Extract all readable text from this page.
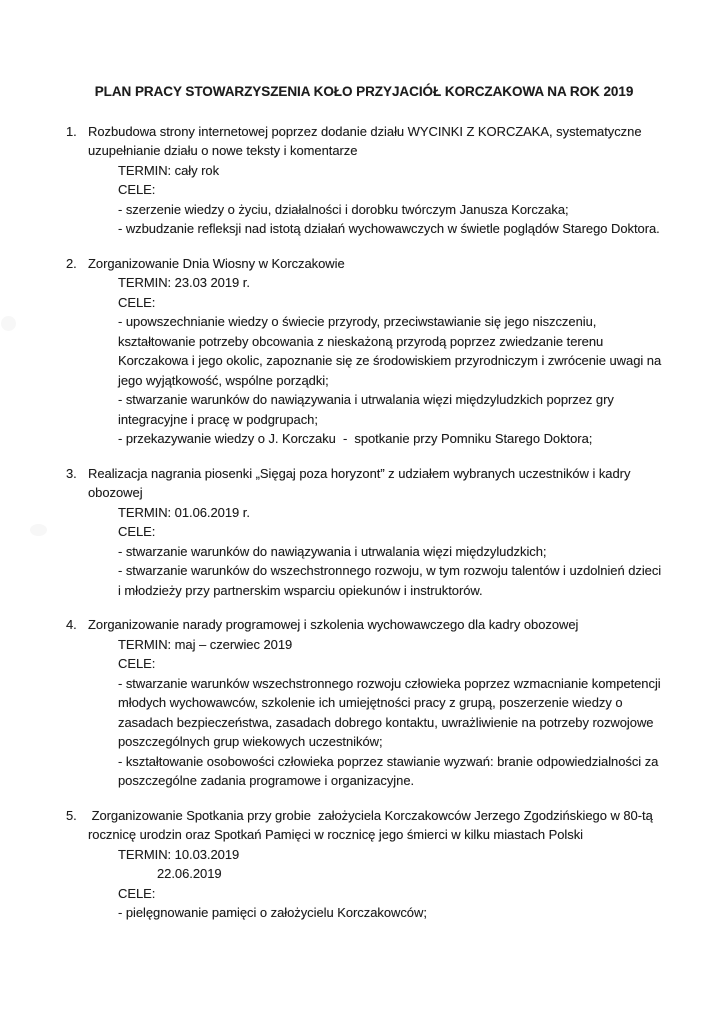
PLAN PRACY STOWARZYSZENIA KOŁO PRZYJACIÓŁ KORCZAKOWA NA ROK 2019
1. Rozbudowa strony internetowej poprzez dodanie działu WYCINKI Z KORCZAKA, systematyczne uzupełnianie działu o nowe teksty i komentarze
TERMIN: cały rok
CELE:
- szerzenie wiedzy o życiu, działalności i dorobku twórczym Janusza Korczaka;
- wzbudzanie refleksji nad istotą działań wychowawczych w świetle poglądów Starego Doktora.
2. Zorganizowanie Dnia Wiosny w Korczakowie
TERMIN: 23.03 2019 r.
CELE:
- upowszechnianie wiedzy o świecie przyrody, przeciwstawianie się jego niszczeniu, kształtowanie potrzeby obcowania z nieskażoną przyrodą poprzez zwiedzanie terenu Korczakowa i jego okolic, zapoznanie się ze środowiskiem przyrodniczym i zwrócenie uwagi na jego wyjątkowość, wspólne porządki;
- stwarzanie warunków do nawiązywania i utrwalania więzi międzyludzkich poprzez gry integracyjne i pracę w podgrupach;
- przekazywanie wiedzy o J. Korczaku  -  spotkanie przy Pomniku Starego Doktora;
3. Realizacja nagrania piosenki „Sięgaj poza horyzont” z udziałem wybranych uczestników i kadry obozowej
TERMIN: 01.06.2019 r.
CELE:
- stwarzanie warunków do nawiązywania i utrwalania więzi międzyludzkich;
- stwarzanie warunków do wszechstronnego rozwoju, w tym rozwoju talentów i uzdolnień dzieci i młodzieży przy partnerskim wsparciu opiekunów i instruktorów.
4. Zorganizowanie narady programowej i szkolenia wychowawczego dla kadry obozowej
TERMIN: maj – czerwiec 2019
CELE:
- stwarzanie warunków wszechstronnego rozwoju człowieka poprzez wzmacnianie kompetencji młodych wychowawców, szkolenie ich umiejętności pracy z grupą, poszerzenie wiedzy o zasadach bezpieczeństwa, zasadach dobrego kontaktu, uwrażliwienie na potrzeby rozwojowe poszczególnych grup wiekowych uczestników;
- kształtowanie osobowości człowieka poprzez stawianie wyzwań: branie odpowiedzialności za poszczególne zadania programowe i organizacyjne.
5. Zorganizowanie Spotkania przy grobie  założyciela Korczakowców Jerzego Zgodzińskiego w 80-tą rocznicę urodzin oraz Spotkań Pamięci w rocznicę jego śmierci w kilku miastach Polski
TERMIN: 10.03.2019
22.06.2019
CELE:
- pielęgnowanie pamięci o założycielu Korczakowców;
